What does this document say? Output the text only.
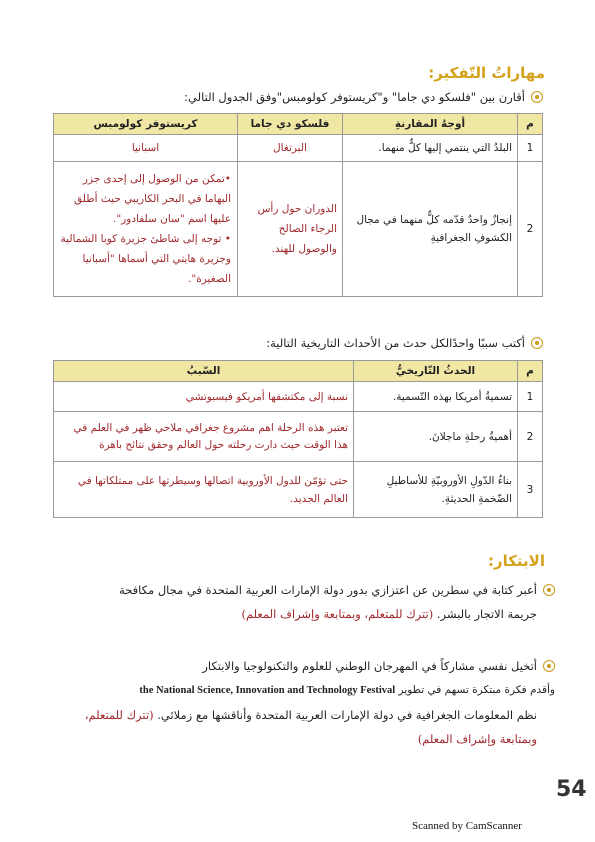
مهاراتُ التّفكير:
أقارن بين "فلسكو دي جاما" و"كريستوفر كولومبس"وفق الجدول التالي:
م	أوجهُ المقارنةِ	فلسكو دي جاما	كريستوفر كولومبس
1	البلدُ التي ينتمي إليها كلٌّ منهما.	البرتغال	اسبانيا
2	إنجازٌ واحدٌ قدّمه كلٌّ منهما في مجال الكشوفِ الجغرافيةِ	الدوران حول رأس الرجاء الصالح والوصول للهند.	•تمكن من الوصول إلى إحدى جزر البهاما في البحر الكاريبي حيث أطلق عليها اسم "سان سلفادور".
• توجه إلى شاطئ جزيرة كوبا الشمالية وجزيرة هايتي التي أسماها "أسبانيا الصغيرة".
أكتب سببًا واحدًالكل حدث من الأحداث التاريخية التالية:
م	الحدثُ التّاريخيُّ	السّببُ
1	تسميةُ أمريكا بهذه التّسمية.	نسبة إلى مكتشفها أمريكو فيسبوتشي
2	أهميةُ رحلةِ ماجلانَ.	تعتبر هذه الرحلة اهم مشروع جغرافي ملاحي ظهر في العلم في هذا الوقت حيث دارت رحلته حول العالم وحقق نتائج باهرة
3	بناءُ الدّولِ الأوروبيّةِ للأساطيلِ الضّخمةِ الحديثةِ.	حتى تؤمّن للدول الأوروبية اتصالها وسيطرتها على ممتلكاتها في العالم الجديد.
الابتكار:
أعبر كتابة في سطرين عن اعتزازي بدور دولة الإمارات العربية المتحدة في مجال مكافحة
جريمة الاتجار بالبشر. (تترك للمتعلم، وبمتابعة وإشراف المعلم)
أتخيل نفسي مشاركاً في المهرجان الوطني للعلوم والتكنولوجيا والابتكار
وأقدم فكرة مبتكرة تسهم في تطوير the National Science, Innovation and Technology Festival
نظم المعلومات الجغرافية في دولة الإمارات العربية المتحدة وأناقشها مع زملائي. (تترك للمتعلم،
وبمتابعة وإشراف المعلم)
54
Scanned by CamScanner
